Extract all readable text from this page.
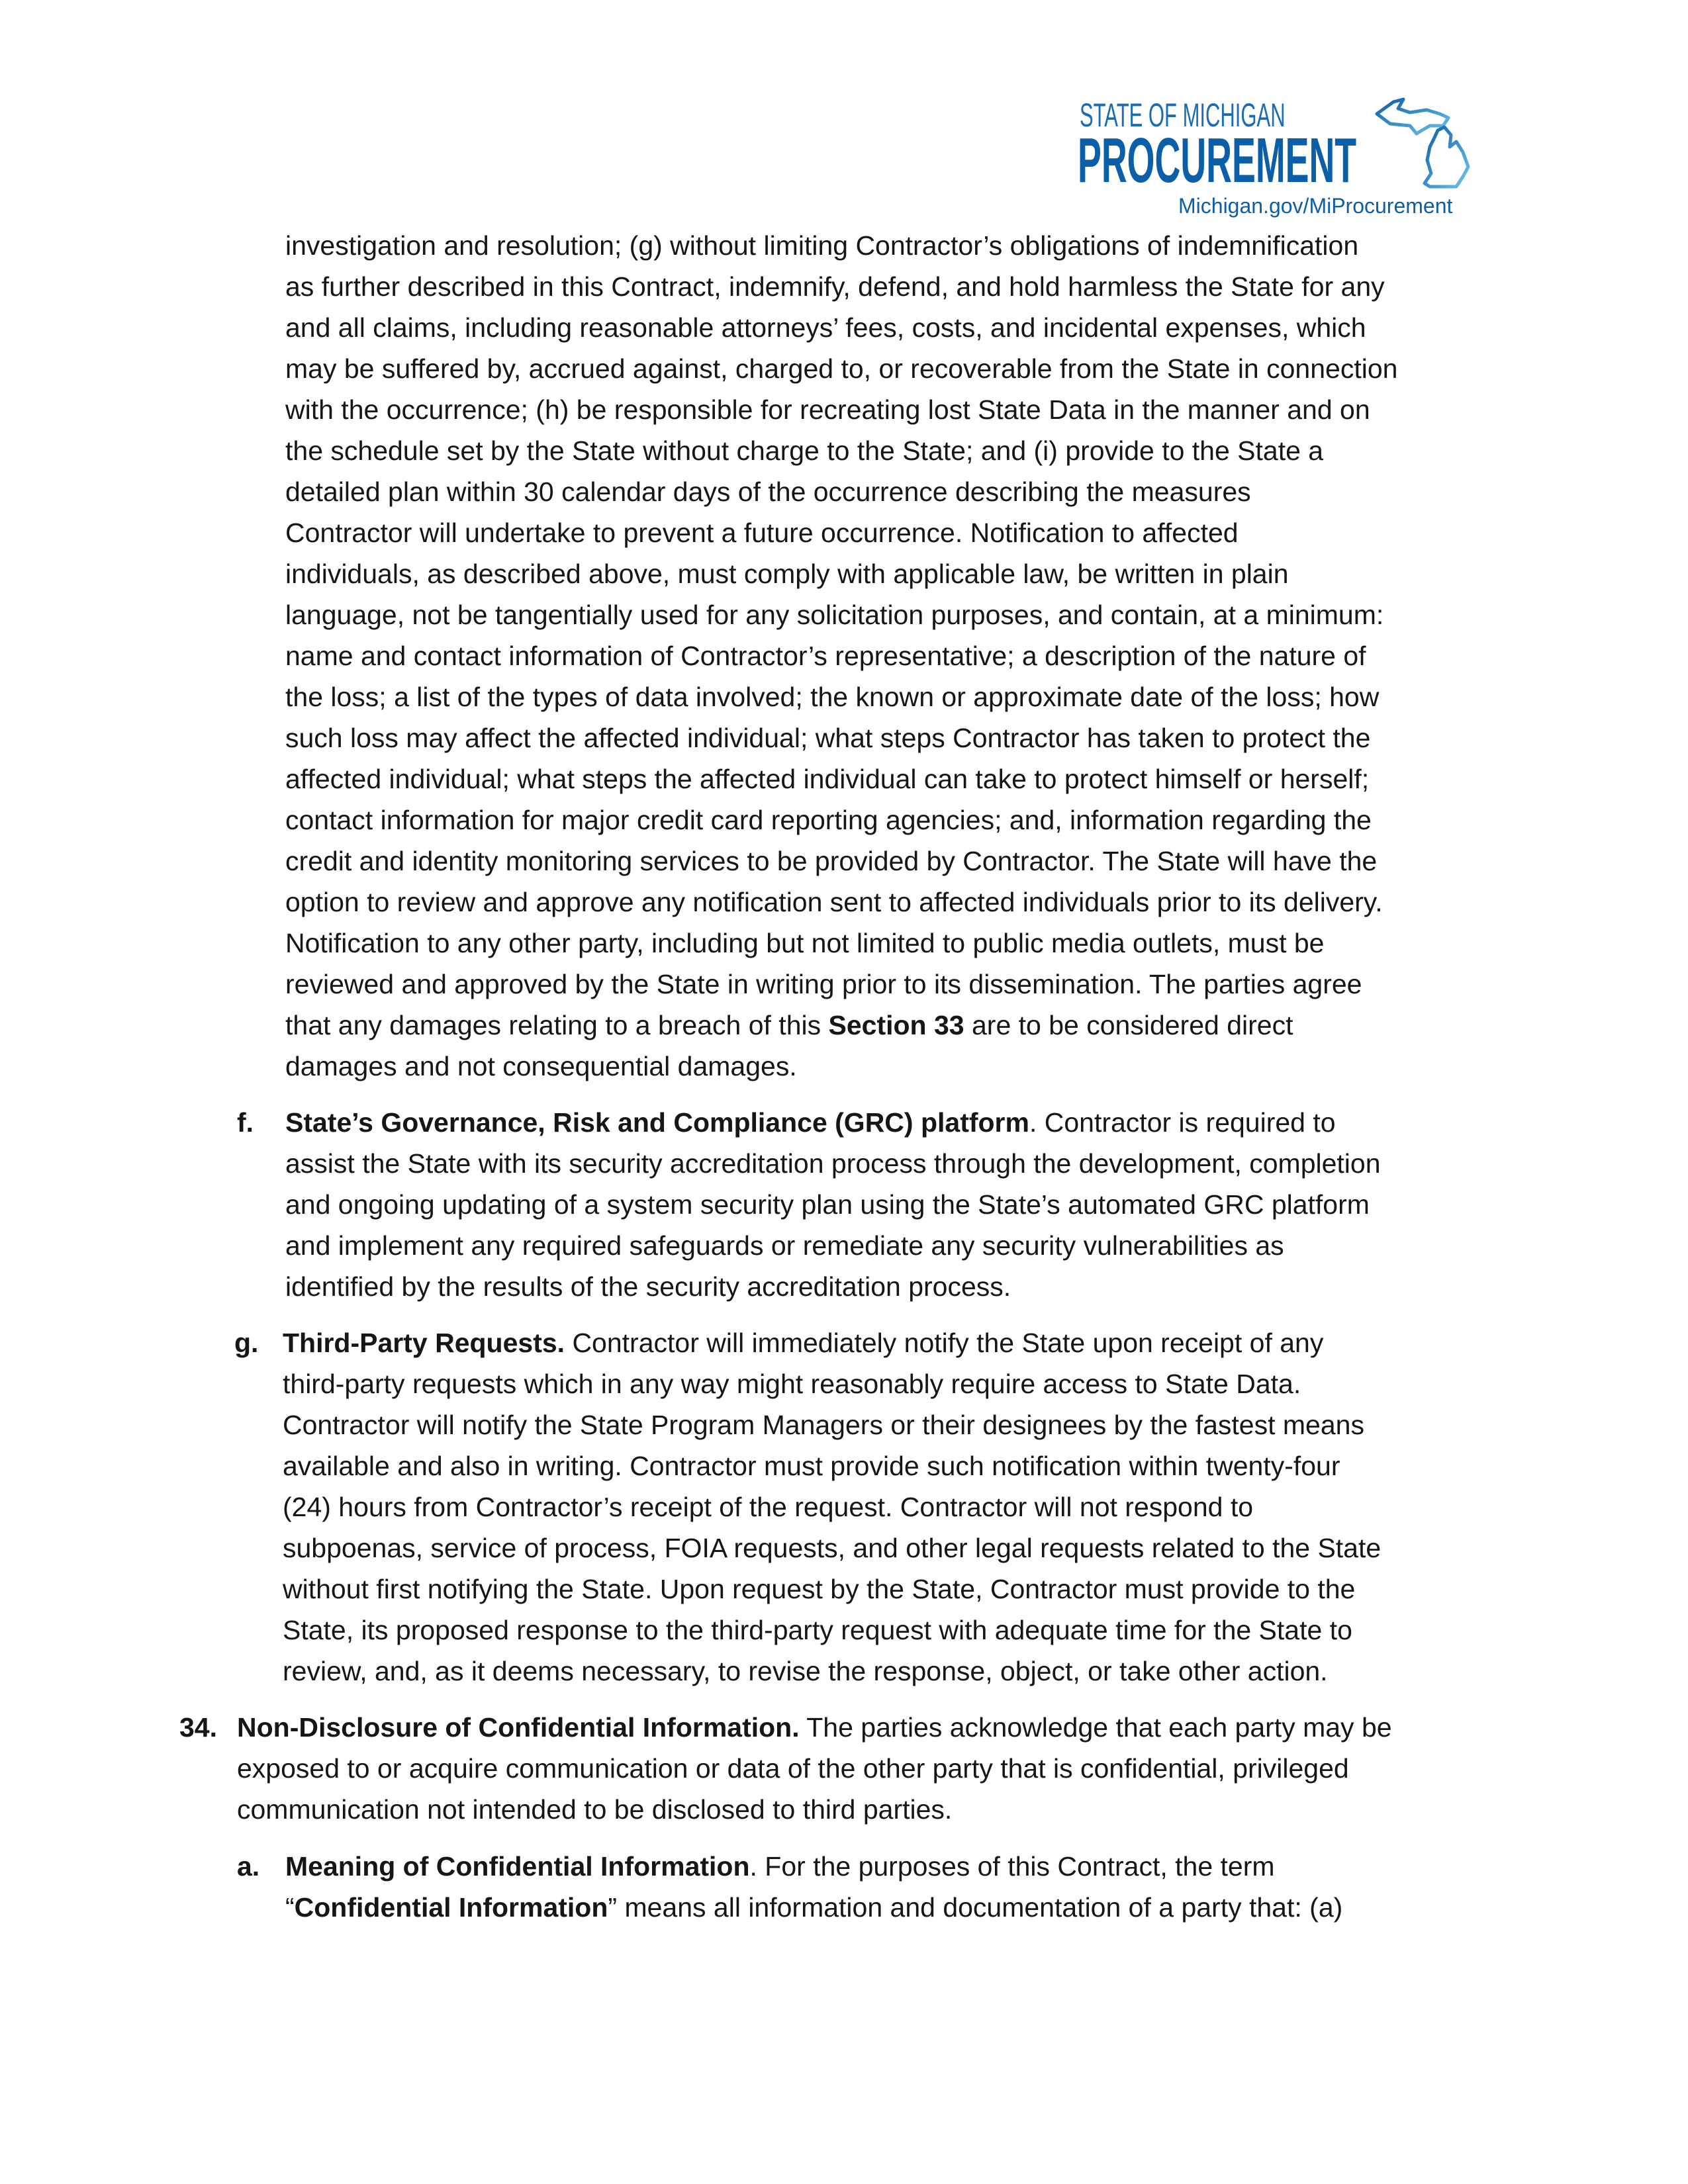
STATE OF MICHIGAN
PROCUREMENT
Michigan.gov/MiProcurement
investigation and resolution; (g) without limiting Contractor’s obligations of indemnification
as further described in this Contract, indemnify, defend, and hold harmless the State for any
and all claims, including reasonable attorneys’ fees, costs, and incidental expenses, which
may be suffered by, accrued against, charged to, or recoverable from the State in connection
with the occurrence; (h) be responsible for recreating lost State Data in the manner and on
the schedule set by the State without charge to the State; and (i) provide to the State a
detailed plan within 30 calendar days of the occurrence describing the measures
Contractor will undertake to prevent a future occurrence. Notification to affected
individuals, as described above, must comply with applicable law, be written in plain
language, not be tangentially used for any solicitation purposes, and contain, at a minimum:
name and contact information of Contractor’s representative; a description of the nature of
the loss; a list of the types of data involved; the known or approximate date of the loss; how
such loss may affect the affected individual; what steps Contractor has taken to protect the
affected individual; what steps the affected individual can take to protect himself or herself;
contact information for major credit card reporting agencies; and, information regarding the
credit and identity monitoring services to be provided by Contractor. The State will have the
option to review and approve any notification sent to affected individuals prior to its delivery.
Notification to any other party, including but not limited to public media outlets, must be
reviewed and approved by the State in writing prior to its dissemination. The parties agree
that any damages relating to a breach of this Section 33 are to be considered direct
damages and not consequential damages.
f. State’s Governance, Risk and Compliance (GRC) platform. Contractor is required to
assist the State with its security accreditation process through the development, completion
and ongoing updating of a system security plan using the State’s automated GRC platform
and implement any required safeguards or remediate any security vulnerabilities as
identified by the results of the security accreditation process.
g. Third-Party Requests. Contractor will immediately notify the State upon receipt of any
third-party requests which in any way might reasonably require access to State Data.
Contractor will notify the State Program Managers or their designees by the fastest means
available and also in writing. Contractor must provide such notification within twenty-four
(24) hours from Contractor’s receipt of the request. Contractor will not respond to
subpoenas, service of process, FOIA requests, and other legal requests related to the State
without first notifying the State. Upon request by the State, Contractor must provide to the
State, its proposed response to the third-party request with adequate time for the State to
review, and, as it deems necessary, to revise the response, object, or take other action.
34. Non-Disclosure of Confidential Information. The parties acknowledge that each party may be
exposed to or acquire communication or data of the other party that is confidential, privileged
communication not intended to be disclosed to third parties.
a. Meaning of Confidential Information. For the purposes of this Contract, the term
“Confidential Information” means all information and documentation of a party that: (a)
